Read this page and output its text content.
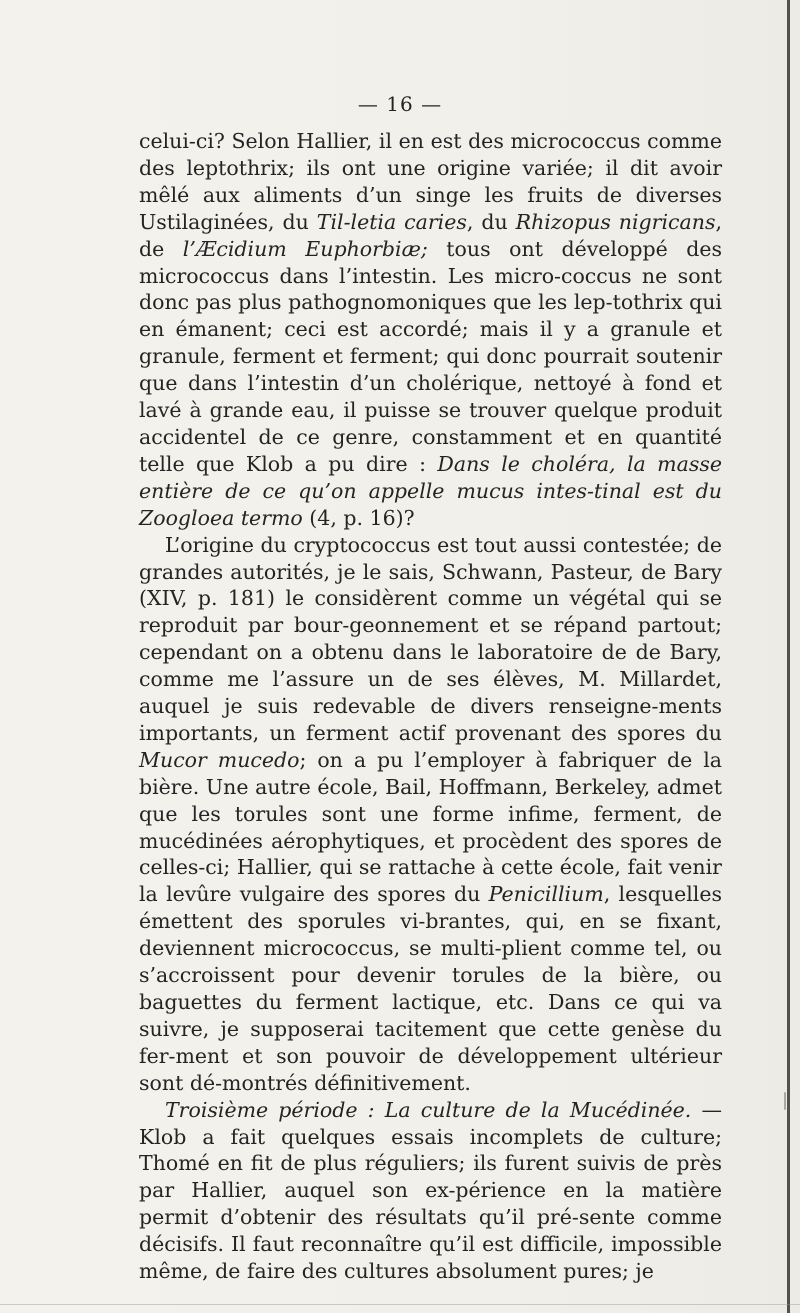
— 16 —

celui-ci? Selon Hallier, il en est des micrococcus comme des leptothrix; ils ont une origine variée; il dit avoir mêlé aux aliments d’un singe les fruits de diverses Ustilaginées, du Til-letia caries, du Rhizopus nigricans, de l’Æcidium Euphorbiæ; tous ont développé des micrococcus dans l’intestin. Les micro-coccus ne sont donc pas plus pathognomoniques que les lep-tothrix qui en émanent; ceci est accordé; mais il y a granule et granule, ferment et ferment; qui donc pourrait soutenir que dans l’intestin d’un cholérique, nettoyé à fond et lavé à grande eau, il puisse se trouver quelque produit accidentel de ce genre, constamment et en quantité telle que Klob a pu dire : Dans le choléra, la masse entière de ce qu’on appelle mucus intes-tinal est du Zoogloea termo (4, p. 16)?

L’origine du cryptococcus est tout aussi contestée; de grandes autorités, je le sais, Schwann, Pasteur, de Bary (XIV, p. 181) le considèrent comme un végétal qui se reproduit par bour-geonnement et se répand partout; cependant on a obtenu dans le laboratoire de de Bary, comme me l’assure un de ses élèves, M. Millardet, auquel je suis redevable de divers renseigne-ments importants, un ferment actif provenant des spores du Mucor mucedo; on a pu l’employer à fabriquer de la bière. Une autre école, Bail, Hoffmann, Berkeley, admet que les torules sont une forme infime, ferment, de mucédinées aérophytiques, et procèdent des spores de celles-ci; Hallier, qui se rattache à cette école, fait venir la levûre vulgaire des spores du Penicillium, lesquelles émettent des sporules vi-brantes, qui, en se fixant, deviennent micrococcus, se multi-plient comme tel, ou s’accroissent pour devenir torules de la bière, ou baguettes du ferment lactique, etc. Dans ce qui va suivre, je supposerai tacitement que cette genèse du fer-ment et son pouvoir de développement ultérieur sont dé-montrés définitivement.

Troisième période : La culture de la Mucédinée. — Klob a fait quelques essais incomplets de culture; Thomé en fit de plus réguliers; ils furent suivis de près par Hallier, auquel son ex-périence en la matière permit d’obtenir des résultats qu’il pré-sente comme décisifs. Il faut reconnaître qu’il est difficile, impossible même, de faire des cultures absolument pures; je
